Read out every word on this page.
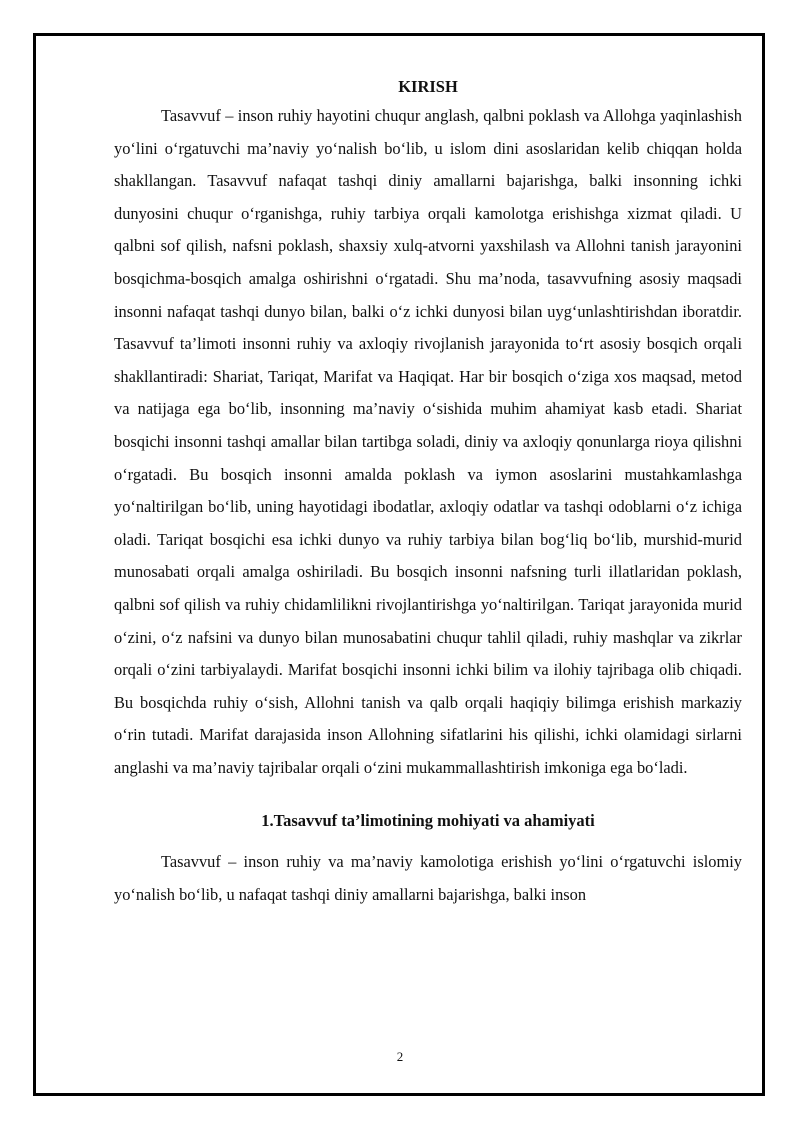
KIRISH

Tasavvuf – inson ruhiy hayotini chuqur anglash, qalbni poklash va Allohga yaqinlashish yo‘lini o‘rgatuvchi ma’naviy yo‘nalish bo‘lib, u islom dini asoslaridan kelib chiqqan holda shakllangan. Tasavvuf nafaqat tashqi diniy amallarni bajarishga, balki insonning ichki dunyosini chuqur o‘rganishga, ruhiy tarbiya orqali kamolotga erishishga xizmat qiladi. U qalbni sof qilish, nafsni poklash, shaxsiy xulq-atvorni yaxshilash va Allohni tanish jarayonini bosqichma-bosqich amalga oshirishni o‘rgatadi. Shu ma’noda, tasavvufning asosiy maqsadi insonni nafaqat tashqi dunyo bilan, balki o‘z ichki dunyosi bilan uyg‘unlashtirishdan iboratdir. Tasavvuf ta’limoti insonni ruhiy va axloqiy rivojlanish jarayonida to‘rt asosiy bosqich orqali shakllantiradi: Shariat, Tariqat, Marifat va Haqiqat. Har bir bosqich o‘ziga xos maqsad, metod va natijaga ega bo‘lib, insonning ma’naviy o‘sishida muhim ahamiyat kasb etadi. Shariat bosqichi insonni tashqi amallar bilan tartibga soladi, diniy va axloqiy qonunlarga rioya qilishni o‘rgatadi. Bu bosqich insonni amalda poklash va iymon asoslarini mustahkamlashga yo‘naltirilgan bo‘lib, uning hayotidagi ibodatlar, axloqiy odatlar va tashqi odoblarni o‘z ichiga oladi. Tariqat bosqichi esa ichki dunyo va ruhiy tarbiya bilan bog‘liq bo‘lib, murshid-murid munosabati orqali amalga oshiriladi. Bu bosqich insonni nafsning turli illatlaridan poklash, qalbni sof qilish va ruhiy chidamlilikni rivojlantirishga yo‘naltirilgan. Tariqat jarayonida murid o‘zini, o‘z nafsini va dunyo bilan munosabatini chuqur tahlil qiladi, ruhiy mashqlar va zikrlar orqali o‘zini tarbiyalaydi. Marifat bosqichi insonni ichki bilim va ilohiy tajribaga olib chiqadi. Bu bosqichda ruhiy o‘sish, Allohni tanish va qalb orqali haqiqiy bilimga erishish markaziy o‘rin tutadi. Marifat darajasida inson Allohning sifatlarini his qilishi, ichki olamidagi sirlarni anglashi va ma’naviy tajribalar orqali o‘zini mukammallashtirish imkoniga ega bo‘ladi.

1.Tasavvuf ta’limotining mohiyati va ahamiyati

Tasavvuf – inson ruhiy va ma’naviy kamolotiga erishish yo‘lini o‘rgatuvchi islomiy yo‘nalish bo‘lib, u nafaqat tashqi diniy amallarni bajarishga, balki inson

2
